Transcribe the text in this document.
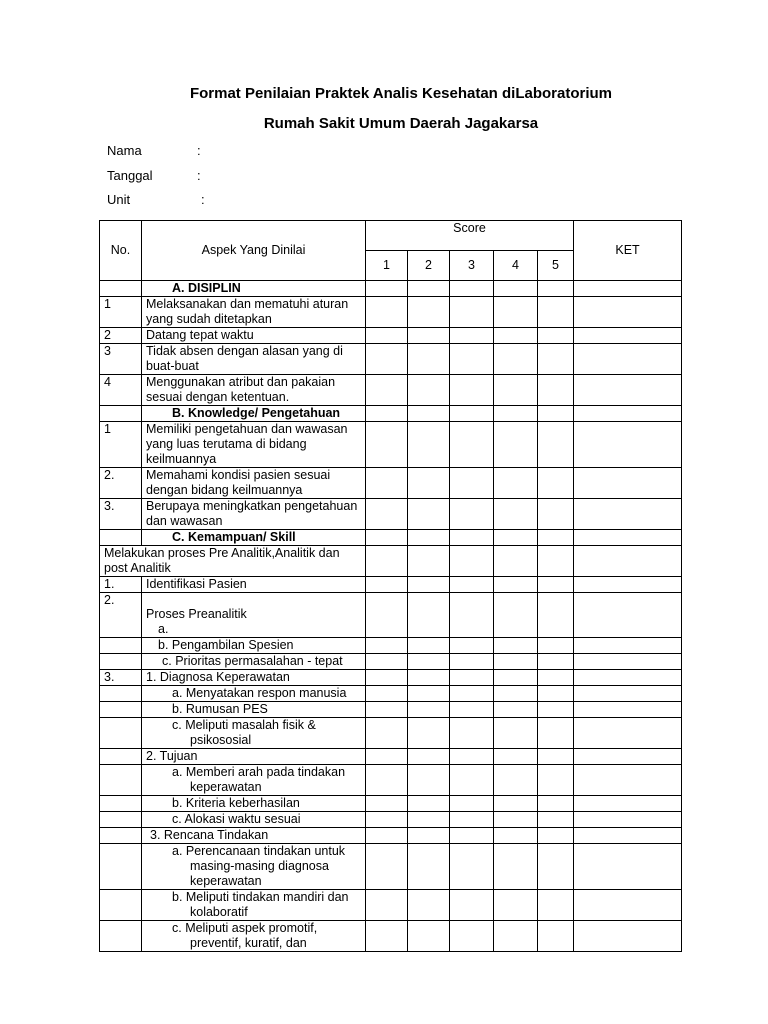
Format Penilaian Praktek Analis Kesehatan diLaboratorium
Rumah Sakit Umum Daerah Jagakarsa
Nama	:
Tanggal	:
Unit	:
No.	Aspek Yang Dinilai	Score					KET
		1	2	3	4	5	
	A. DISIPLIN						
1	Melaksanakan dan mematuhi aturan yang sudah ditetapkan						
2	Datang tepat waktu						
3	Tidak absen dengan alasan yang di buat-buat						
4	Menggunakan atribut dan pakaian sesuai dengan ketentuan.						
	B. Knowledge/ Pengetahuan						
1	Memiliki pengetahuan dan wawasan yang luas terutama di bidang keilmuannya						
2.	Memahami kondisi pasien sesuai dengan bidang keilmuannya						
3.	Berupaya meningkatkan pengetahuan dan wawasan						
	C. Kemampuan/ Skill						
Melakukan proses Pre Analitik,Analitik dan post Analitik							
1.	Identifikasi Pasien						
2.	Proses Preanalitik
a.						

	b. Pengambilan Spesien						
	c. Prioritas permasalahan - tepat						
3.	1. Diagnosa Keperawatan						
	a. Menyatakan respon manusia						
	b. Rumusan PES						
	c. Meliputi masalah fisik & psikososial						
	2. Tujuan						
	a. Memberi arah pada tindakan keperawatan						
	b. Kriteria keberhasilan						
	c. Alokasi waktu sesuai						
	3. Rencana Tindakan						
	a. Perencanaan tindakan untuk masing-masing diagnosa keperawatan						
	b. Meliputi tindakan mandiri dan kolaboratif						
	c. Meliputi aspek promotif, preventif, kuratif, dan						
